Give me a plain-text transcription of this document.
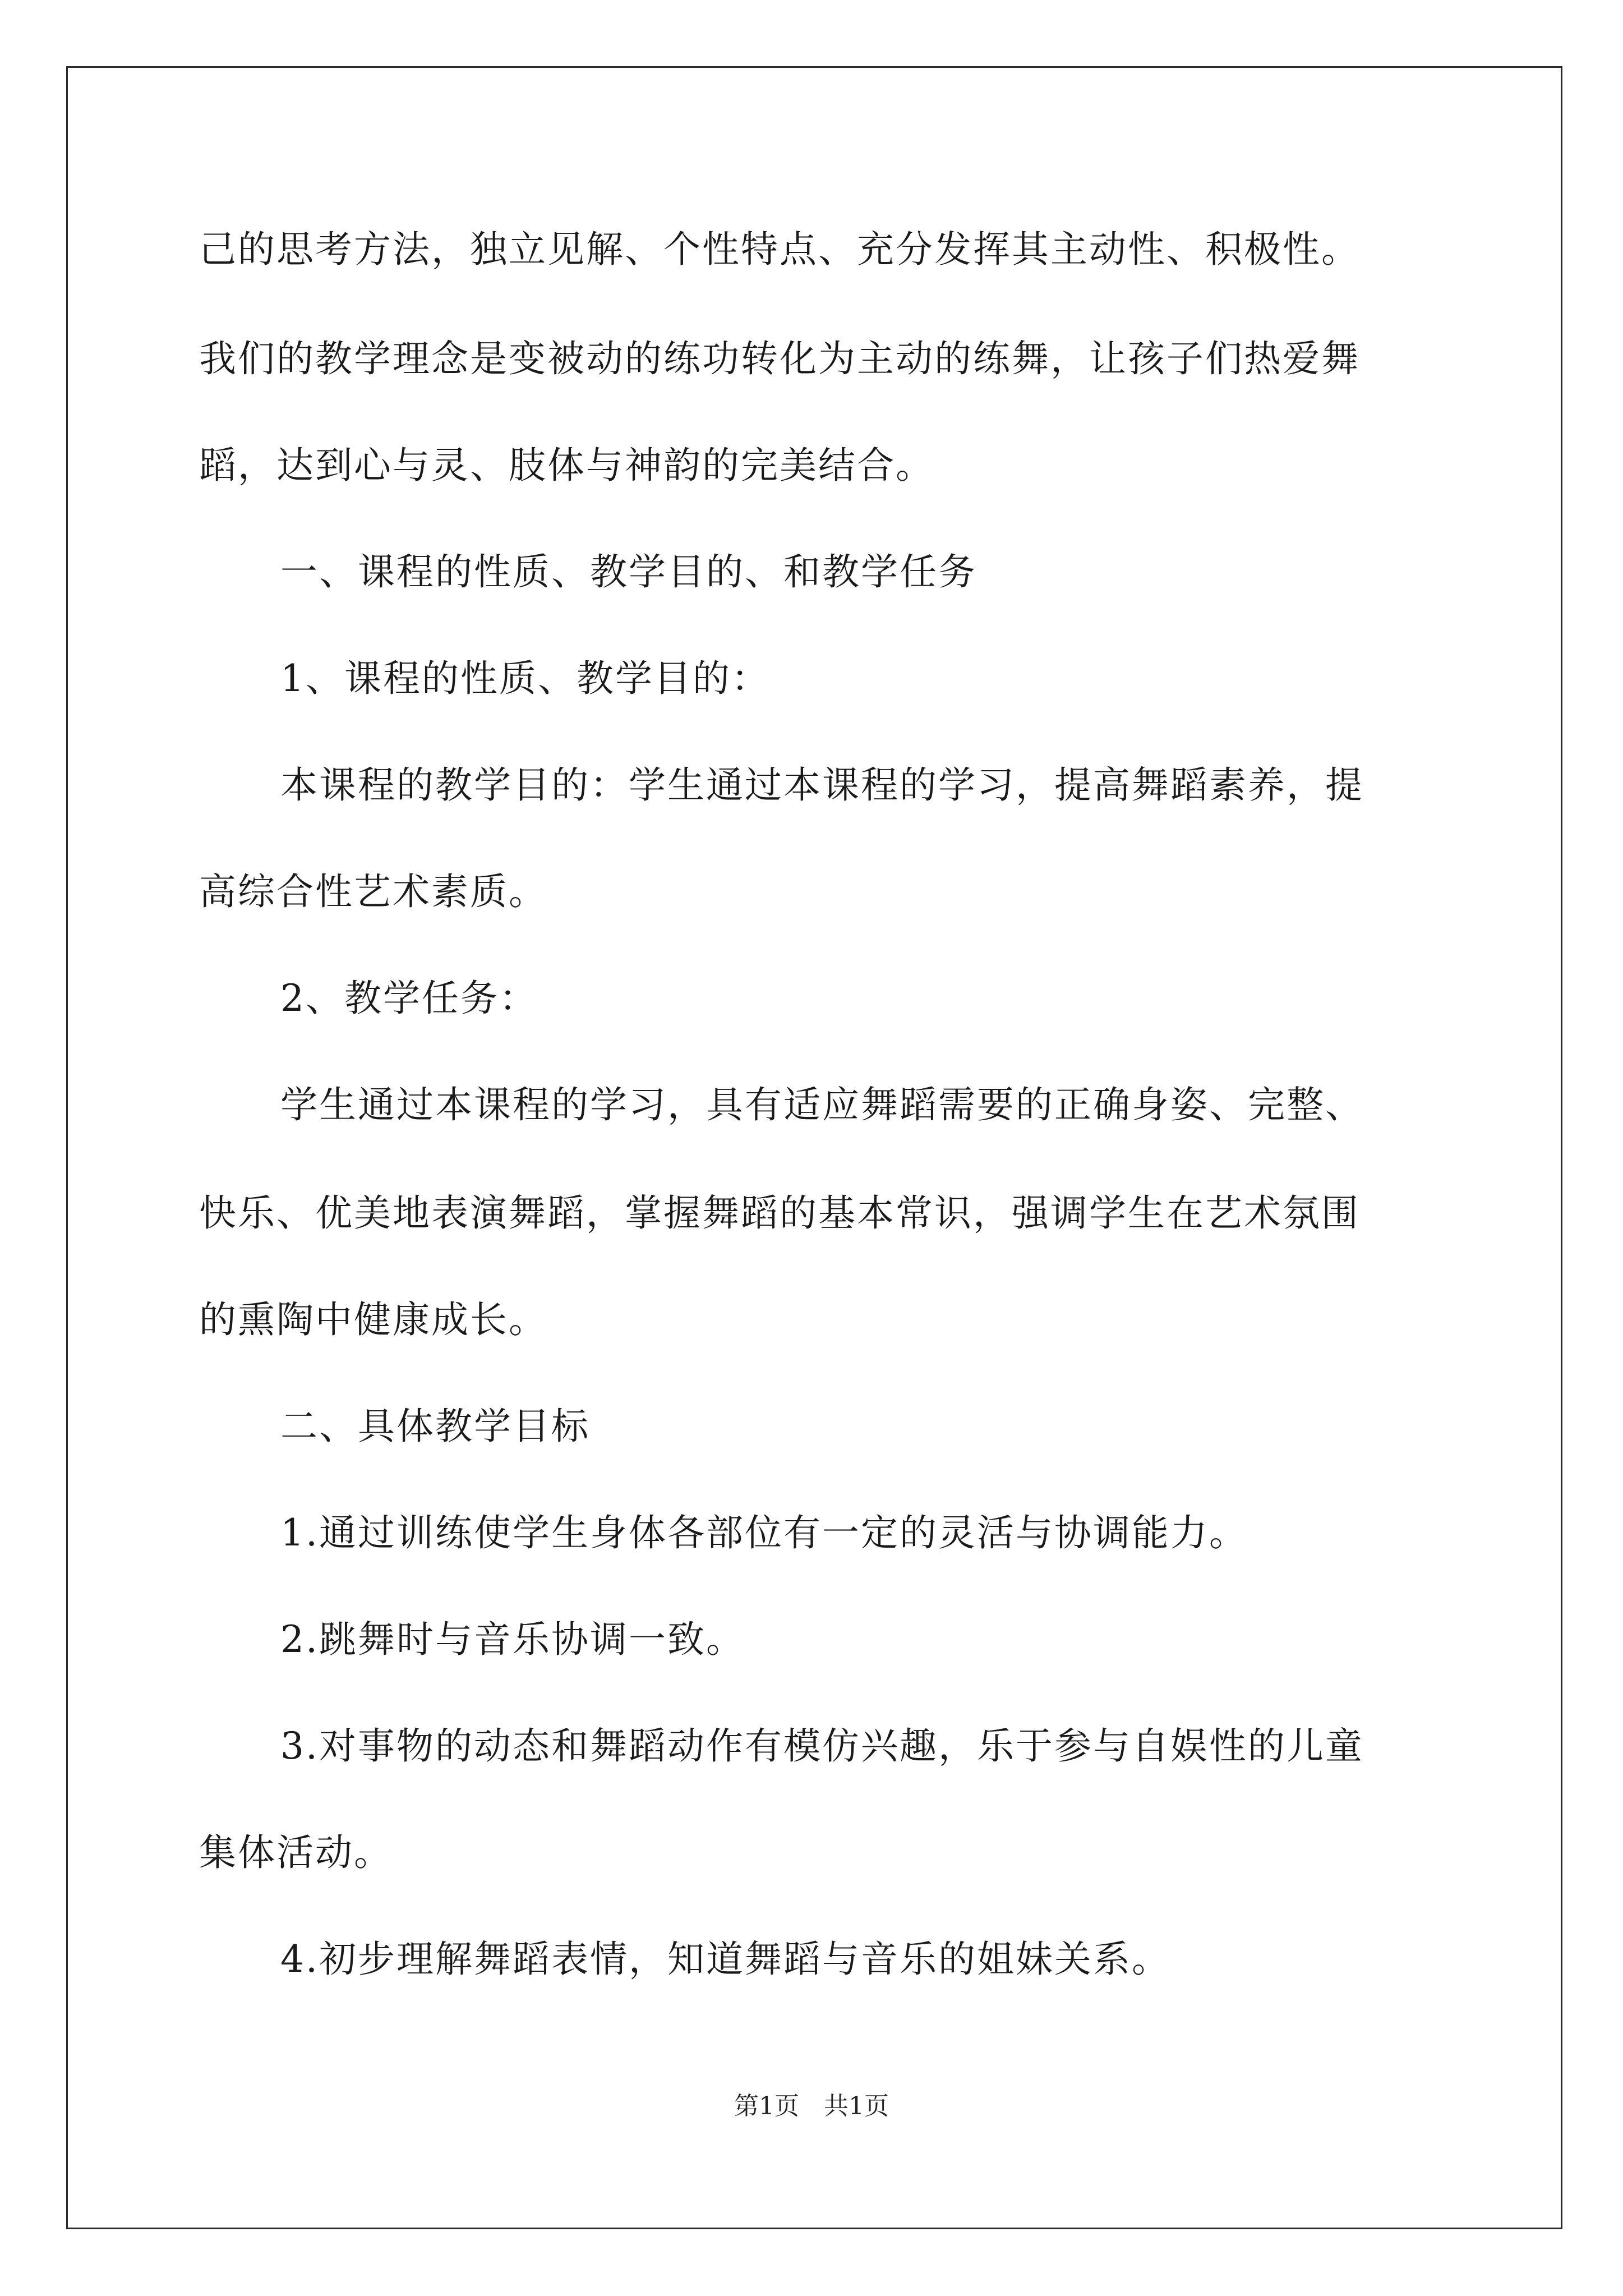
己的思考方法，独立见解、个性特点、充分发挥其主动性、积极性。
我们的教学理念是变被动的练功转化为主动的练舞，让孩子们热爱舞
蹈，达到心与灵、肢体与神韵的完美结合。
一、课程的性质、教学目的、和教学任务
1、课程的性质、教学目的：
本课程的教学目的：学生通过本课程的学习，提高舞蹈素养，提
高综合性艺术素质。
2、教学任务：
学生通过本课程的学习，具有适应舞蹈需要的正确身姿、完整、
快乐、优美地表演舞蹈，掌握舞蹈的基本常识，强调学生在艺术氛围
的熏陶中健康成长。
二、具体教学目标
1.通过训练使学生身体各部位有一定的灵活与协调能力。
2.跳舞时与音乐协调一致。
3.对事物的动态和舞蹈动作有模仿兴趣，乐于参与自娱性的儿童
集体活动。
4.初步理解舞蹈表情，知道舞蹈与音乐的姐妹关系。
第1页　共1页
